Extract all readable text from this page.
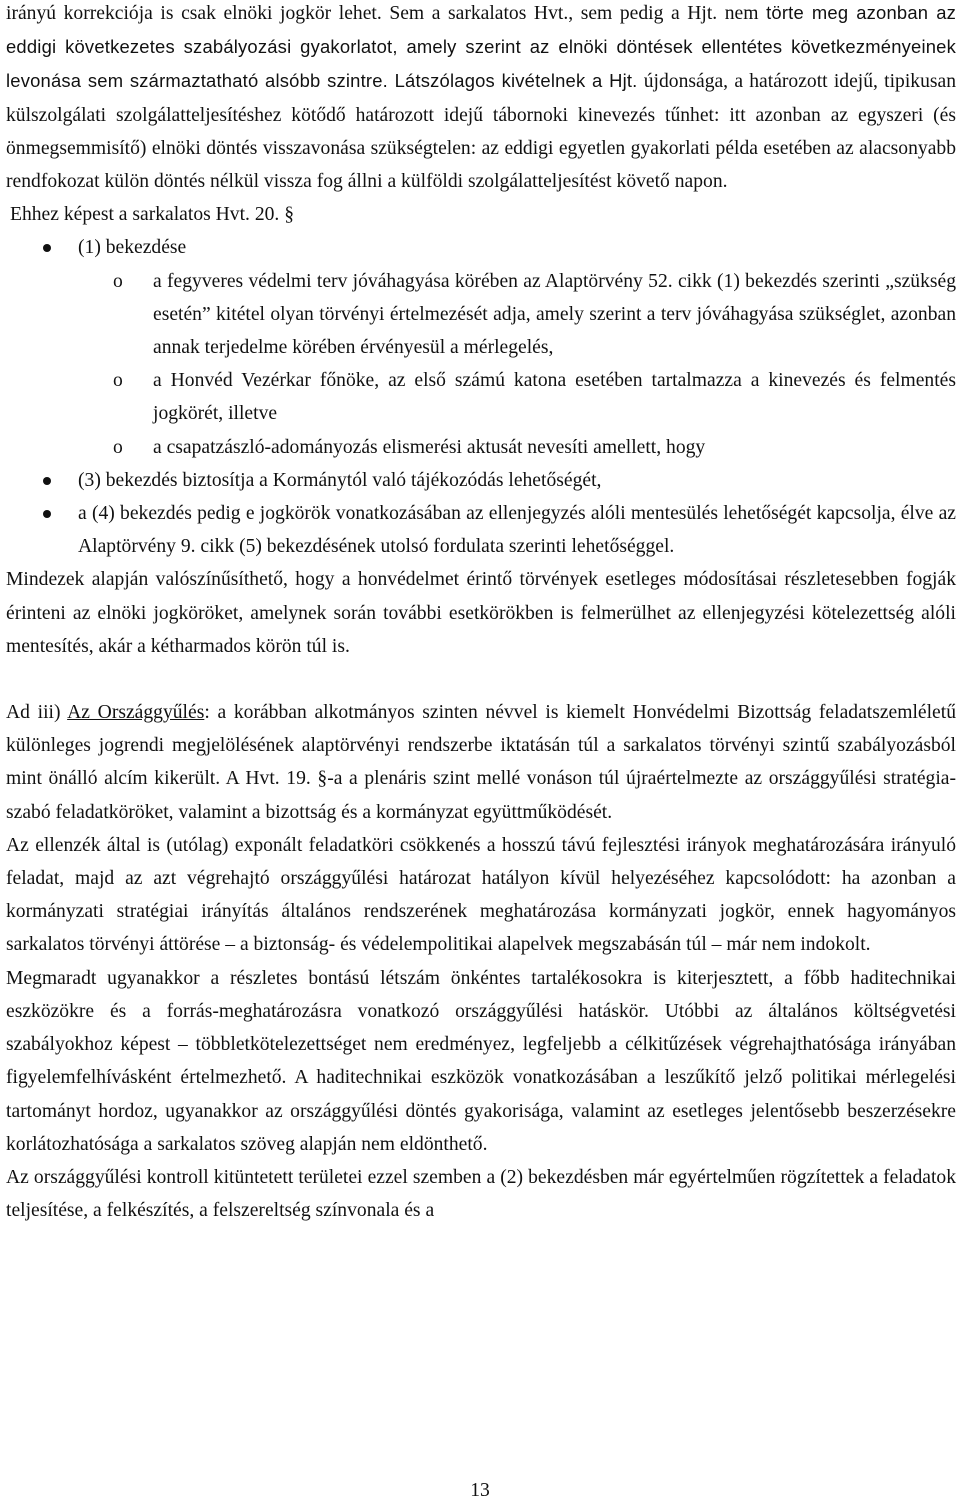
irányú korrekciója is csak elnöki jogkör lehet. Sem a sarkalatos Hvt., sem pedig a Hjt. nem törte meg azonban az eddigi következetes szabályozási gyakorlatot, amely szerint az elnöki döntések ellentétes következményeinek levonása sem származtatható alsóbb szintre. Látszólagos kivételnek a Hjt. újdonsága, a határozott idejű, tipikusan külszolgálati szolgálatteljesítéshez kötődő határozott idejű tábornoki kinevezés tűnhet: itt azonban az egyszeri (és önmegsemmisítő) elnöki döntés visszavonása szükségtelen: az eddigi egyetlen gyakorlati példa esetében az alacsonyabb rendfokozat külön döntés nélkül vissza fog állni a külföldi szolgálatteljesítést követő napon.

Ehhez képest a sarkalatos Hvt. 20. §

(1) bekezdése
o a fegyveres védelmi terv jóváhagyása körében az Alaptörvény 52. cikk (1) bekezdés szerinti „szükség esetén” kitétel olyan törvényi értelmezését adja, amely szerint a terv jóváhagyása szükséglet, azonban annak terjedelme körében érvényesül a mérlegelés,
o a Honvéd Vezérkar főnöke, az első számú katona esetében tartalmazza a kinevezés és felmentés jogkörét, illetve
o a csapatzászló-adományozás elismerési aktusát nevesíti amellett, hogy
(3) bekezdés biztosítja a Kormánytól való tájékozódás lehetőségét,
a (4) bekezdés pedig e jogkörök vonatkozásában az ellenjegyzés alóli mentesülés lehetőségét kapcsolja, élve az Alaptörvény 9. cikk (5) bekezdésének utolsó fordulata szerinti lehetőséggel.

Mindezek alapján valószínűsíthető, hogy a honvédelmet érintő törvények esetleges módosításai részletesebben fogják érinteni az elnöki jogköröket, amelynek során további esetkörökben is felmerülhet az ellenjegyzési kötelezettség alóli mentesítés, akár a kétharmados körön túl is.

Ad iii) Az Országgyűlés: a korábban alkotmányos szinten névvel is kiemelt Honvédelmi Bizottság feladatszemléletű különleges jogrendi megjelölésének alaptörvényi rendszerbe iktatásán túl a sarkalatos törvényi szintű szabályozásból mint önálló alcím kikerült. A Hvt. 19. §-a a plenáris szint mellé vonáson túl újraértelmezte az országgyűlési stratégia-szabó feladatköröket, valamint a bizottság és a kormányzat együttműködését.

Az ellenzék által is (utólag) exponált feladatköri csökkenés a hosszú távú fejlesztési irányok meghatározására irányuló feladat, majd az azt végrehajtó országgyűlési határozat hatályon kívül helyezéséhez kapcsolódott: ha azonban a kormányzati stratégiai irányítás általános rendszerének meghatározása kormányzati jogkör, ennek hagyományos sarkalatos törvényi áttörése – a biztonság- és védelempolitikai alapelvek megszabásán túl – már nem indokolt.

Megmaradt ugyanakkor a részletes bontású létszám önkéntes tartalékosokra is kiterjesztett, a főbb haditechnikai eszközökre és a forrás-meghatározásra vonatkozó országgyűlési hatáskör. Utóbbi az általános költségvetési szabályokhoz képest – többletkötelezettséget nem eredményez, legfeljebb a célkitűzések végrehajthatósága irányában figyelemfelhívásként értelmezhető. A haditechnikai eszközök vonatkozásában a leszűkítő jelző politikai mérlegelési tartományt hordoz, ugyanakkor az országgyűlési döntés gyakorisága, valamint az esetleges jelentősebb beszerzésekre korlátozhatósága a sarkalatos szöveg alapján nem eldönthető.

Az országgyűlési kontroll kitüntetett területei ezzel szemben a (2) bekezdésben már egyértelműen rögzítettek a feladatok teljesítése, a felkészítés, a felszereltség színvonala és a

13
